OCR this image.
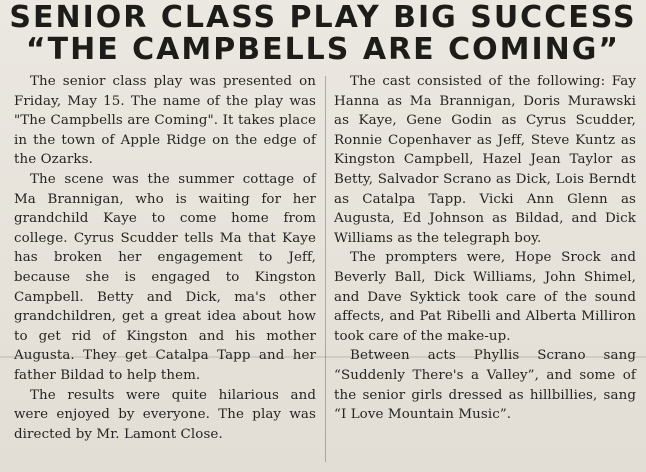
SENIOR CLASS PLAY BIG SUCCESS
“THE CAMPBELLS ARE COMING”

The senior class play was presented on Friday, May 15. The name of the play was "The Campbells are Coming". It takes place in the town of Apple Ridge on the edge of the Ozarks.

The scene was the summer cottage of Ma Brannigan, who is waiting for her grandchild Kaye to come home from college. Cyrus Scudder tells Ma that Kaye has broken her engagement to Jeff, because she is engaged to Kingston Campbell. Betty and Dick, ma's other grandchildren, get a great idea about how to get rid of Kingston and his mother Augusta. They get Catalpa Tapp and her father Bildad to help them.

The results were quite hilarious and were enjoyed by everyone. The play was directed by Mr. Lamont Close.

The cast consisted of the following: Fay Hanna as Ma Brannigan, Doris Murawski as Kaye, Gene Godin as Cyrus Scudder, Ronnie Copenhaver as Jeff, Steve Kuntz as Kingston Campbell, Hazel Jean Taylor as Betty, Salvador Scrano as Dick, Lois Berndt as Catalpa Tapp. Vicki Ann Glenn as Augusta, Ed Johnson as Bildad, and Dick Williams as the telegraph boy.

The prompters were, Hope Srock and Beverly Ball, Dick Williams, John Shimel, and Dave Syktick took care of the sound affects, and Pat Ribelli and Alberta Milliron took care of the make-up.

Between acts Phyllis Scrano sang “Suddenly There's a Valley”, and some of the senior girls dressed as hillbillies, sang “I Love Mountain Music”.
